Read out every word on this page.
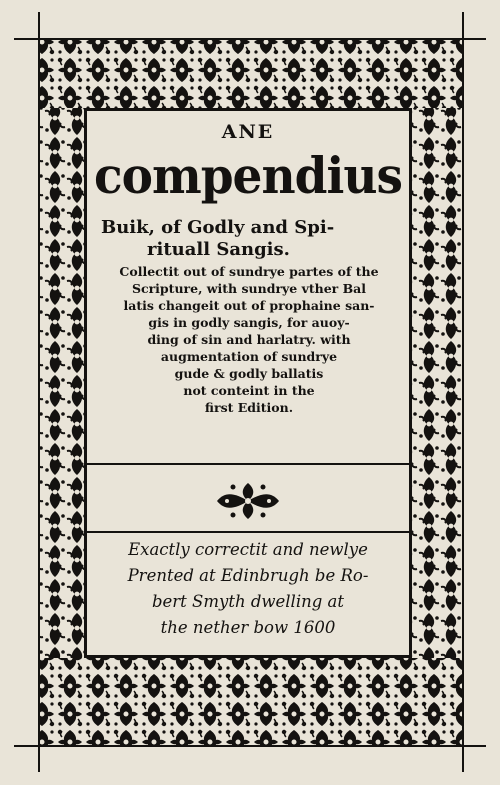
ANE
compendius
Buik, of Godly and Spi-
rituall Sangis.
Collectit out of sundrye partes of the
Scripture, with sundrye vther Bal
latis changeit out of prophaine san-
gis in godly sangis, for auoy-
ding of sin and harlatry. with
augmentation of sundrye
gude & godly ballatis
not conteint in the
first Edition.
Exactly correctit and newlye
Prented at Edinbrugh be Ro-
bert Smyth dwelling at
the nether bow 1600
